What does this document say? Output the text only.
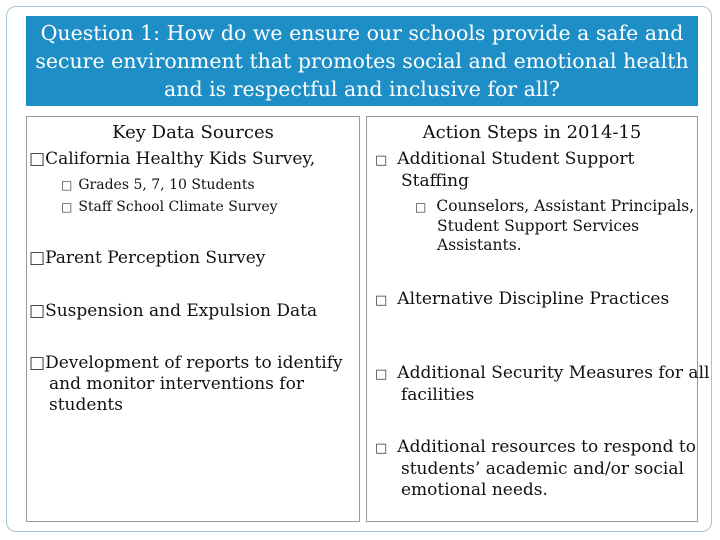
Question 1: How do we ensure our schools provide a safe and secure environment that promotes social and emotional health and is respectful and inclusive for all?

Key Data Sources
□California Healthy Kids Survey,
□ Grades 5, 7, 10 Students
□ Staff School Climate Survey
□Parent Perception Survey
□Suspension and Expulsion Data
□Development of reports to identify and monitor interventions for students
Action Steps in 2014-15
□ Additional Student Support Staffing
□ Counselors, Assistant Principals, Student Support Services Assistants.
□ Alternative Discipline Practices
□ Additional Security Measures for all facilities
□ Additional resources to respond to students’ academic and/or social emotional needs.
